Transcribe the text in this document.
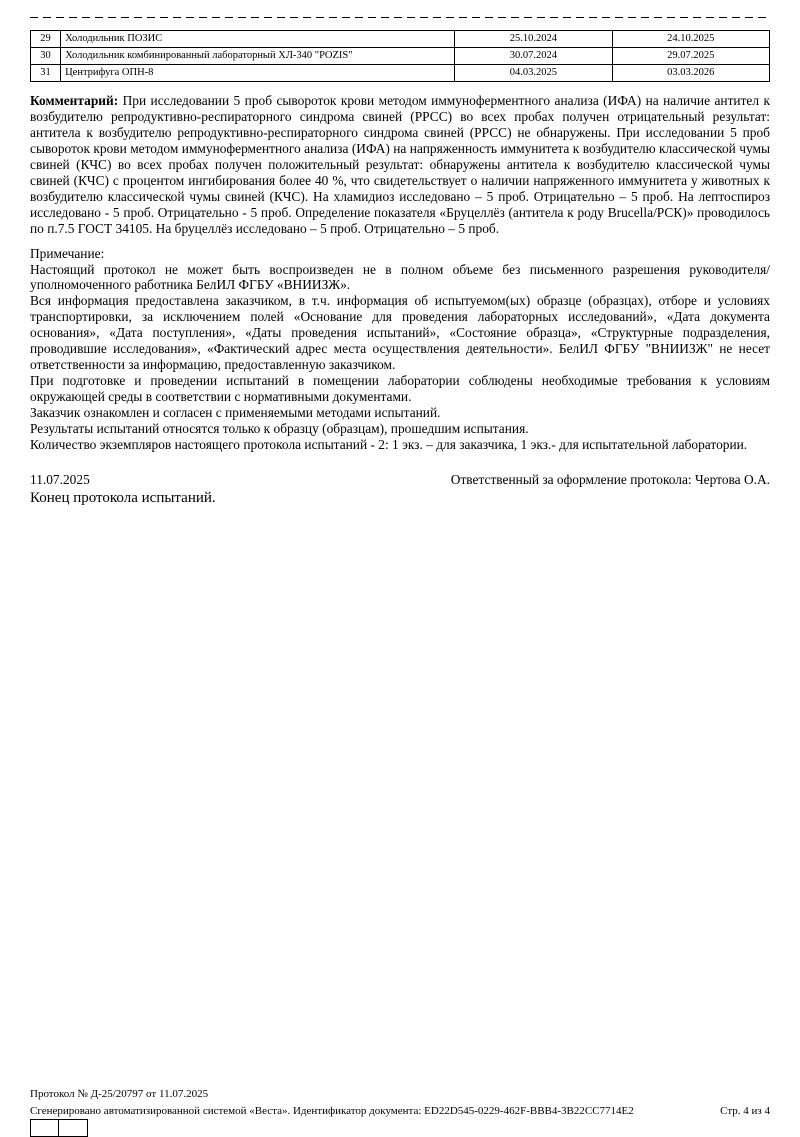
29	Холодильник ПОЗИС	25.10.2024	24.10.2025
30	Холодильник комбинированный лабораторный ХЛ-340 "POZIS"	30.07.2024	29.07.2025
31	Центрифуга ОПН-8	04.03.2025	03.03.2026

Комментарий: При исследовании 5 проб сывороток крови методом иммуноферментного анализа (ИФА) на наличие антител к возбудителю репродуктивно-респираторного синдрома свиней (РРСС) во всех пробах получен отрицательный результат: антитела к возбудителю репродуктивно-респираторного синдрома свиней (РРСС) не обнаружены. При исследовании 5 проб сывороток крови методом иммуноферментного анализа (ИФА) на напряженность иммунитета к возбудителю классической чумы свиней (КЧС) во всех пробах получен положительный результат: обнаружены антитела к возбудителю классической чумы свиней (КЧС) с процентом ингибирования более 40 %, что свидетельствует о наличии напряженного иммунитета у животных к возбудителю классической чумы свиней (КЧС). На хламидиоз исследовано – 5 проб. Отрицательно – 5 проб. На лептоспироз исследовано - 5 проб. Отрицательно - 5 проб. Определение показателя «Бруцеллёз (антитела к роду Brucella/РСК)» проводилось по п.7.5 ГОСТ 34105. На бруцеллёз исследовано – 5 проб. Отрицательно – 5 проб.

Примечание:

Настоящий протокол не может быть воспроизведен не в полном объеме без письменного разрешения руководителя/уполномоченного работника БелИЛ ФГБУ «ВНИИЗЖ».

Вся информация предоставлена заказчиком, в т.ч. информация об испытуемом(ых) образце (образцах), отборе и условиях транспортировки, за исключением полей «Основание для проведения лабораторных исследований», «Дата документа основания», «Дата поступления», «Даты проведения испытаний», «Состояние образца», «Структурные подразделения, проводившие исследования», «Фактический адрес места осуществления деятельности». БелИЛ ФГБУ "ВНИИЗЖ" не несет ответственности за информацию, предоставленную заказчиком.

При подготовке и проведении испытаний в помещении лаборатории соблюдены необходимые требования к условиям окружающей среды в соответствии с нормативными документами.

Заказчик ознакомлен и согласен с применяемыми методами испытаний.

Результаты испытаний относятся только к образцу (образцам), прошедшим испытания.

Количество экземпляров настоящего протокола испытаний - 2: 1 экз. – для заказчика, 1 экз.- для испытательной лаборатории.

11.07.2025	Ответственный за оформление протокола: Чертова О.А.
Конец протокола испытаний.
Протокол № Д-25/20797 от 11.07.2025
Сгенерировано автоматизированной системой «Веста». Идентификатор документа: ED22D545-0229-462F-BBB4-3B22CC7714E2	Стр. 4 из 4
